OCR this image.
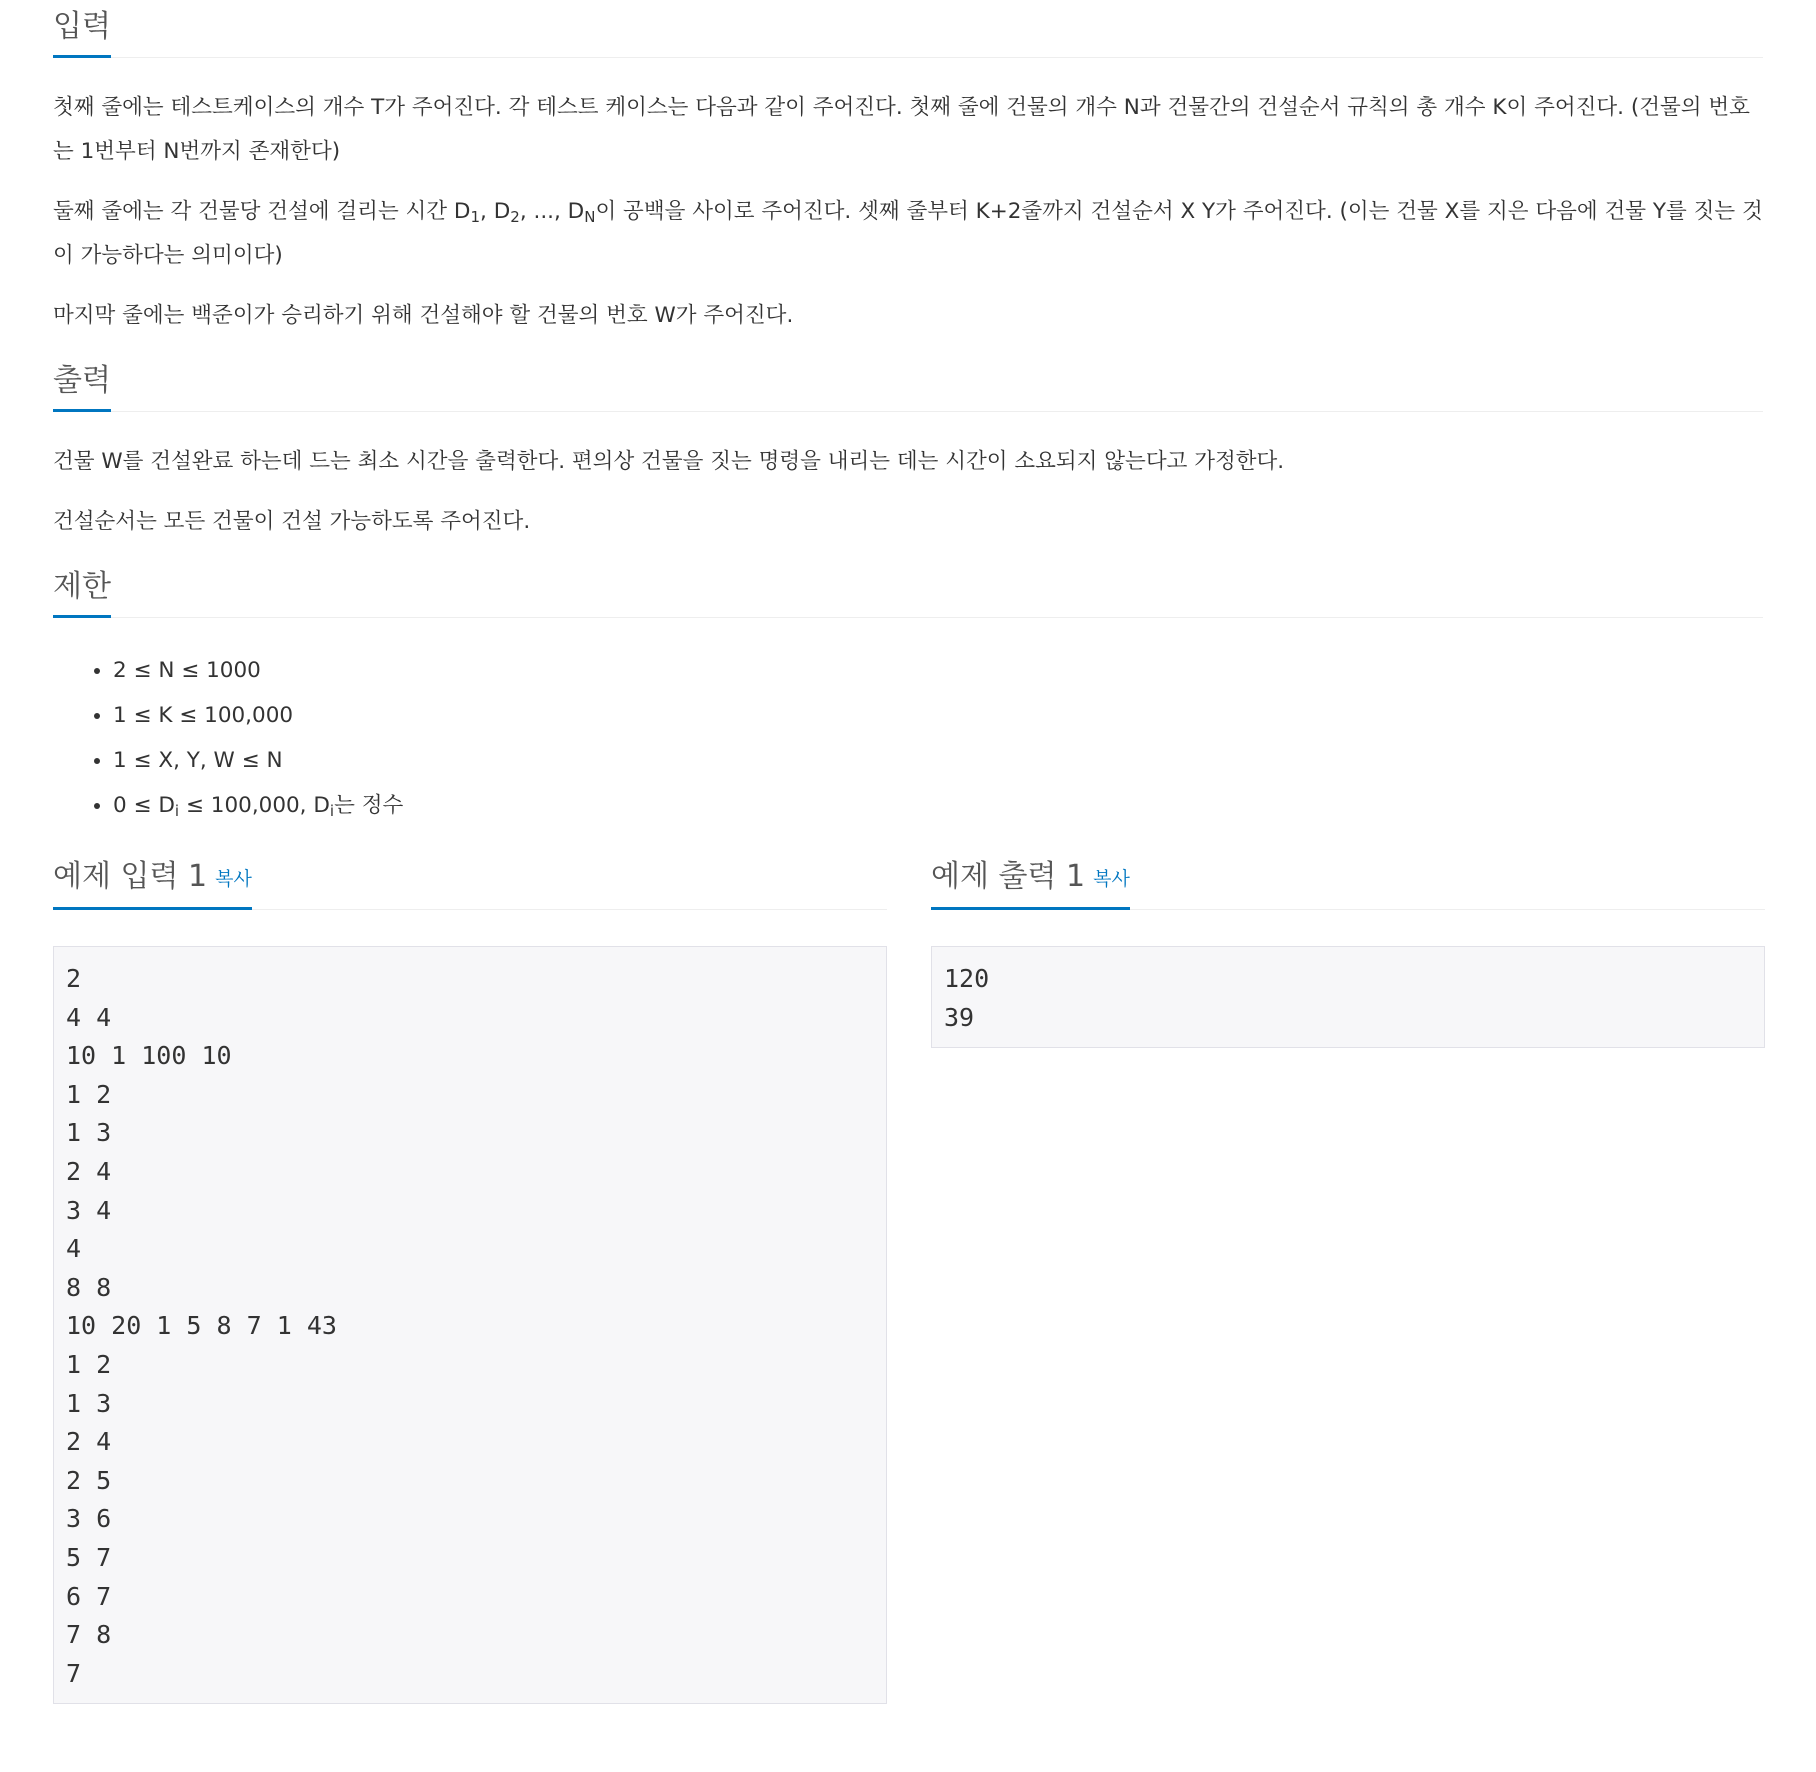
입력

첫째 줄에는 테스트케이스의 개수 T가 주어진다. 각 테스트 케이스는 다음과 같이 주어진다. 첫째 줄에 건물의 개수 N과 건물간의 건설순서 규칙의 총 개수 K이 주어진다. (건물의 번호는 1번부터 N번까지 존재한다)

둘째 줄에는 각 건물당 건설에 걸리는 시간 $D_1$, $D_2$, ..., $D_N$이 공백을 사이로 주어진다. 셋째 줄부터 K+2줄까지 건설순서 X Y가 주어진다. (이는 건물 X를 지은 다음에 건물 Y를 짓는 것이 가능하다는 의미이다)

마지막 줄에는 백준이가 승리하기 위해 건설해야 할 건물의 번호 W가 주어진다.

출력

건물 W를 건설완료 하는데 드는 최소 시간을 출력한다. 편의상 건물을 짓는 명령을 내리는 데는 시간이 소요되지 않는다고 가정한다.

건설순서는 모든 건물이 건설 가능하도록 주어진다.

제한
• 2 ≤ N ≤ 1000
• 1 ≤ K ≤ 100,000
• 1 ≤ X, Y, W ≤ N
• $0 \le D_i \le 100,000$, $D_i$는 정수
예제 입력 1 복사
2
4 4
10 1 100 10
1 2
1 3
2 4
3 4
4
8 8
10 20 1 5 8 7 1 43
1 2
1 3
2 4
2 5
3 6
5 7
6 7
7 8
7
예제 출력 1 복사
120
39
